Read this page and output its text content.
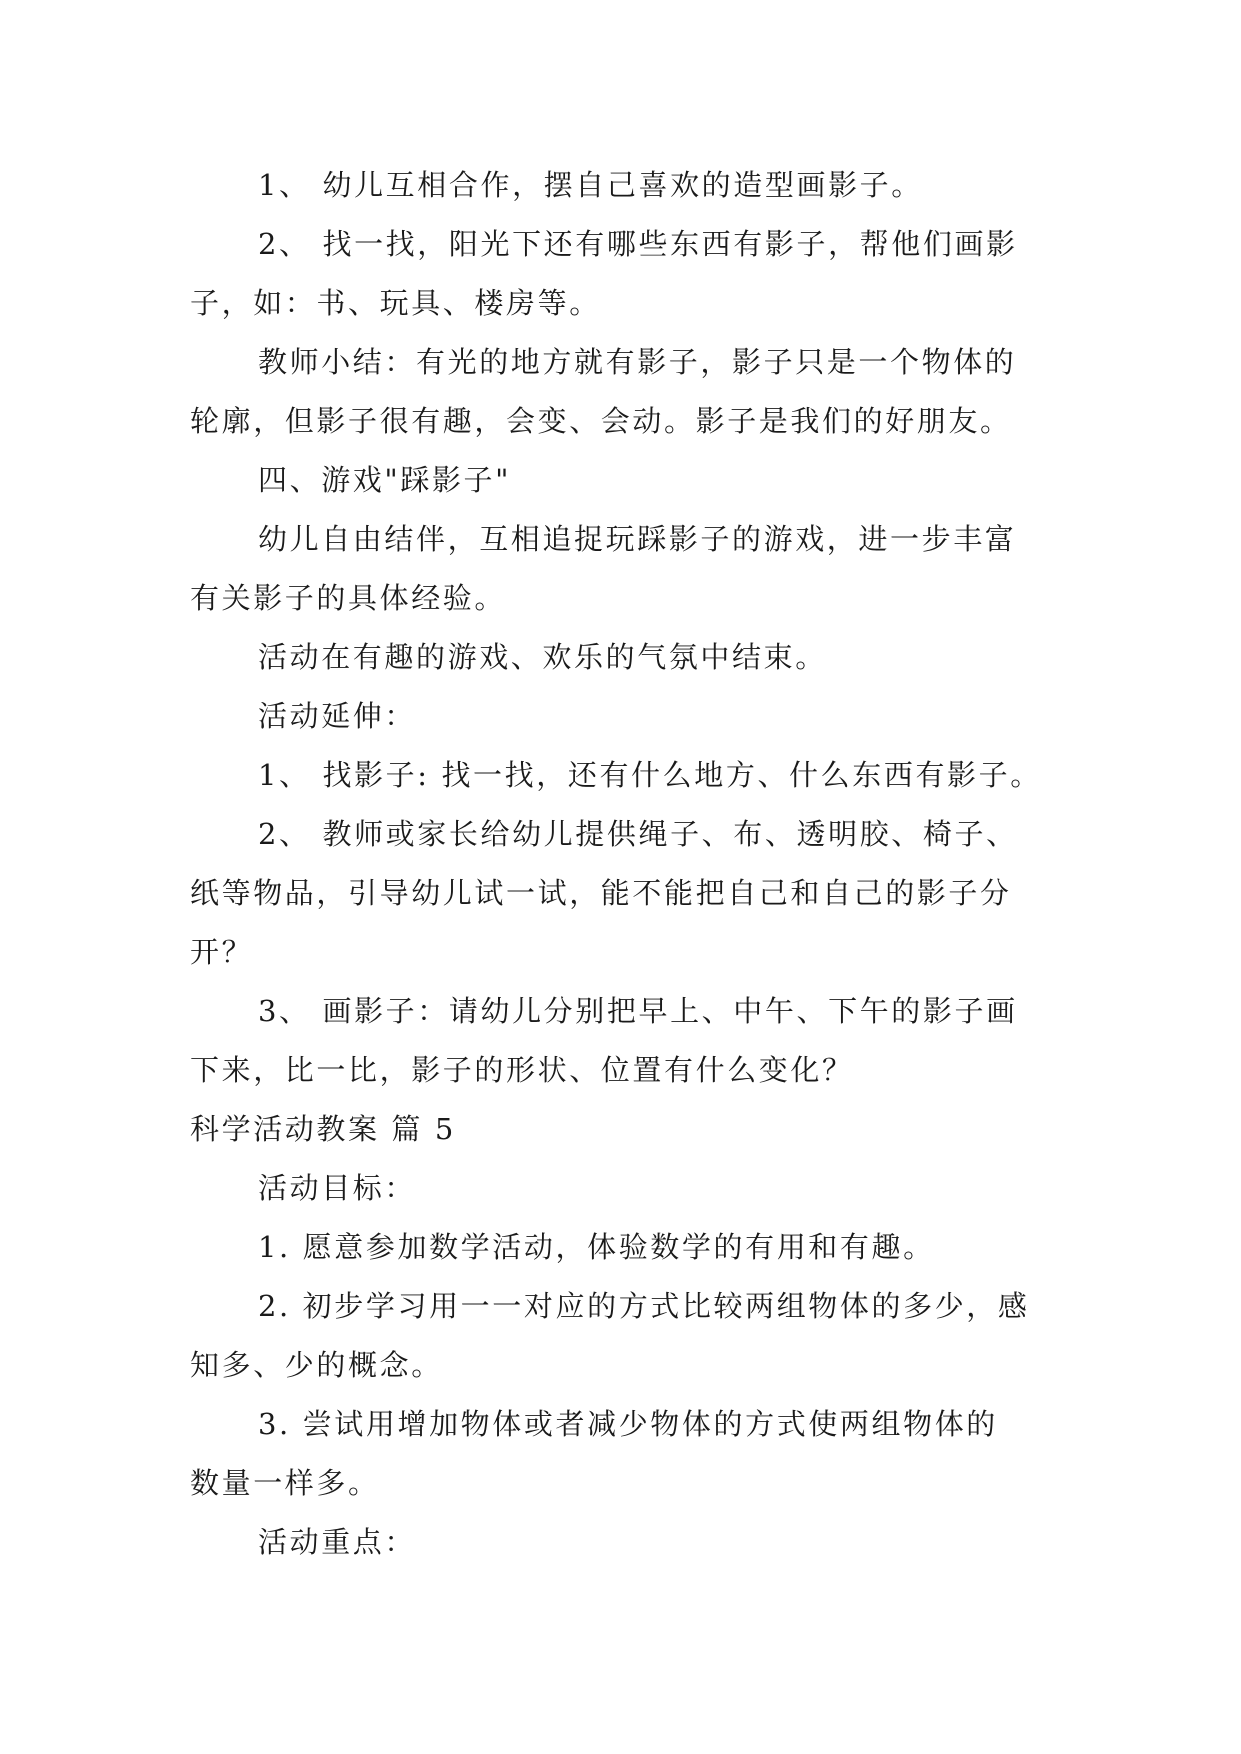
1、 幼儿互相合作，摆自己喜欢的造型画影子。
2、 找一找，阳光下还有哪些东西有影子，帮他们画影
子，如：书、玩具、楼房等。
教师小结：有光的地方就有影子，影子只是一个物体的
轮廓，但影子很有趣，会变、会动。影子是我们的好朋友。
四、游戏"踩影子"
幼儿自由结伴，互相追捉玩踩影子的游戏，进一步丰富
有关影子的具体经验。
活动在有趣的游戏、欢乐的气氛中结束。
活动延伸：
1、 找影子: 找一找，还有什么地方、什么东西有影子。
2、 教师或家长给幼儿提供绳子、布、透明胶、椅子、
纸等物品，引导幼儿试一试，能不能把自己和自己的影子分
开？
3、 画影子：请幼儿分别把早上、中午、下午的影子画
下来，比一比，影子的形状、位置有什么变化？
科学活动教案 篇 5
活动目标：
1. 愿意参加数学活动，体验数学的有用和有趣。
2. 初步学习用一一对应的方式比较两组物体的多少，感
知多、少的概念。
3. 尝试用增加物体或者减少物体的方式使两组物体的
数量一样多。
活动重点：
